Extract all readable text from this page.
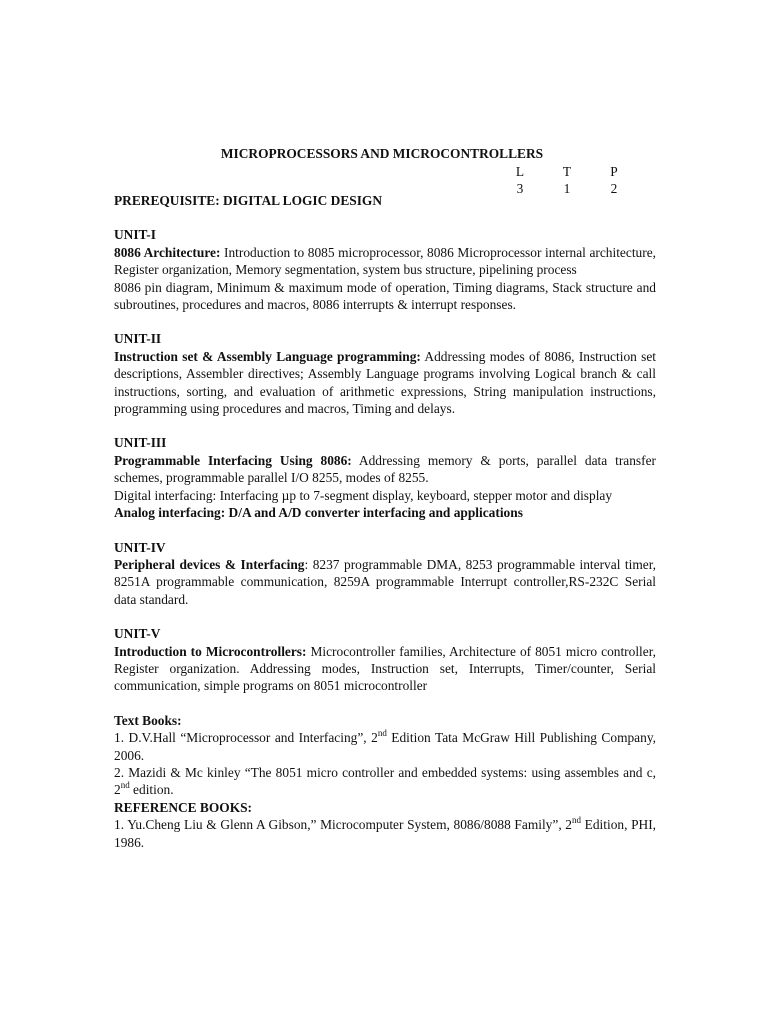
MICROPROCESSORS AND MICROCONTROLLERS
L	T	P
3	1	2

PREREQUISITE: DIGITAL LOGIC DESIGN

UNIT-I

8086 Architecture: Introduction to 8085 microprocessor, 8086 Microprocessor internal architecture, Register organization, Memory segmentation, system bus structure, pipelining process

8086 pin diagram, Minimum & maximum mode of operation, Timing diagrams, Stack structure and subroutines, procedures and macros, 8086 interrupts & interrupt responses.

UNIT-II

Instruction set & Assembly Language programming: Addressing modes of 8086, Instruction set descriptions, Assembler directives; Assembly Language programs involving Logical branch & call instructions, sorting, and evaluation of arithmetic expressions, String manipulation instructions, programming using procedures and macros, Timing and delays.

UNIT-III

Programmable Interfacing Using 8086: Addressing memory & ports, parallel data transfer schemes, programmable parallel I/O 8255, modes of 8255.

Digital interfacing: Interfacing µp to 7-segment display, keyboard, stepper motor and display

Analog interfacing: D/A and A/D converter interfacing and applications

UNIT-IV

Peripheral devices & Interfacing: 8237 programmable DMA, 8253 programmable interval timer, 8251A programmable communication, 8259A programmable Interrupt controller,RS-232C Serial data standard.

UNIT-V

Introduction to Microcontrollers: Microcontroller families, Architecture of 8051 micro controller, Register organization. Addressing modes, Instruction set, Interrupts, Timer/counter, Serial communication, simple programs on 8051 microcontroller

Text Books:

1. D.V.Hall “Microprocessor and Interfacing”, 2nd Edition Tata McGraw Hill Publishing Company, 2006.

2. Mazidi & Mc kinley “The 8051 micro controller and embedded systems: using assembles and c, 2nd edition.

REFERENCE BOOKS:

1. Yu.Cheng Liu & Glenn A Gibson,” Microcomputer System, 8086/8088 Family”, 2nd Edition, PHI, 1986.
